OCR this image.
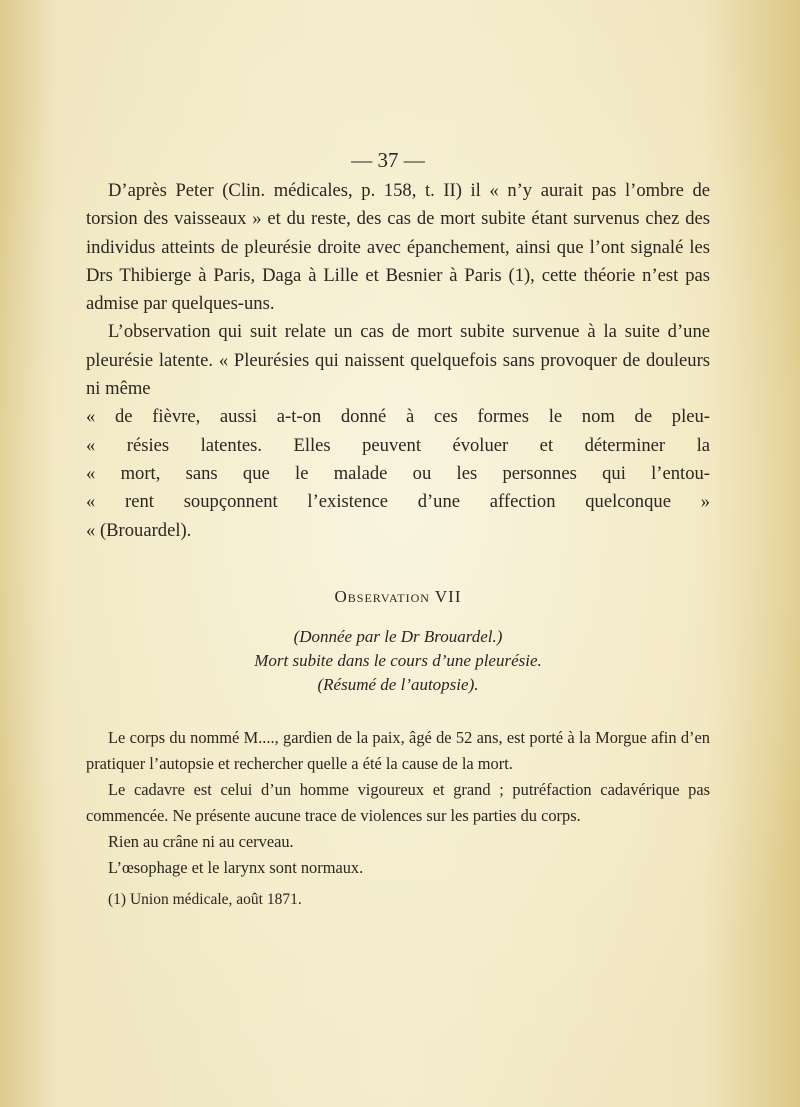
— 37 —

D’après Peter (Clin. médicales, p. 158, t. II) il « n’y aurait pas l’ombre de torsion des vaisseaux » et du reste, des cas de mort subite étant survenus chez des individus atteints de pleurésie droite avec épanchement, ainsi que l’ont signalé les Drs Thibierge à Paris, Daga à Lille et Besnier à Paris (1), cette théorie n’est pas admise par quelques-uns.

L’observation qui suit relate un cas de mort subite survenue à la suite d’une pleurésie latente. « Pleurésies qui naissent quelquefois sans provoquer de douleurs ni même

« de fièvre, aussi a-t-on donné à ces formes le nom de pleu-
« résies latentes. Elles peuvent évoluer et déterminer la
« mort, sans que le malade ou les personnes qui l’entou-
« rent soupçonnent l’existence d’une affection quelconque »
« (Brouardel).
Observation VII
(Donnée par le Dr Brouardel.)
Mort subite dans le cours d’une pleurésie.
(Résumé de l’autopsie).

Le corps du nommé M...., gardien de la paix, âgé de 52 ans, est porté à la Morgue afin d’en pratiquer l’autopsie et rechercher quelle a été la cause de la mort.

Le cadavre est celui d’un homme vigoureux et grand ; putréfaction cadavérique pas commencée. Ne présente aucune trace de violences sur les parties du corps.

Rien au crâne ni au cerveau.

L’œsophage et le larynx sont normaux.

(1) Union médicale, août 1871.
